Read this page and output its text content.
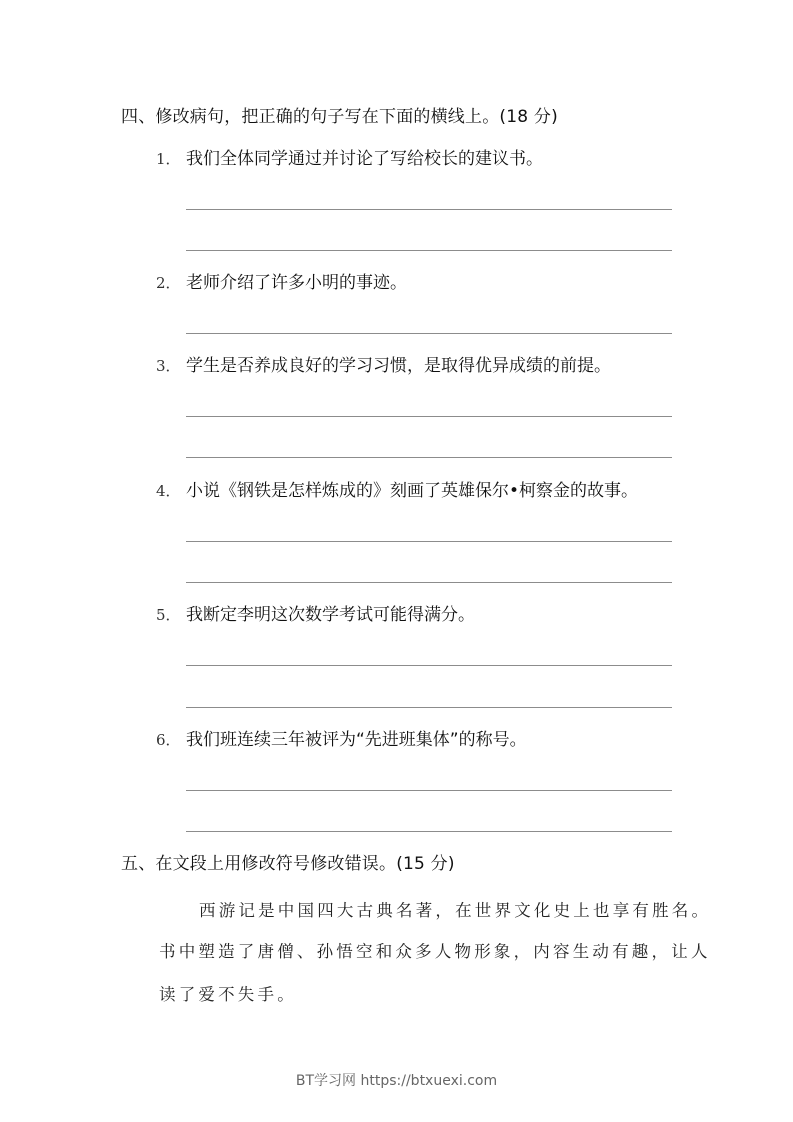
四、修改病句，把正确的句子写在下面的横线上。(18 分)
1． 我们全体同学通过并讨论了写给校长的建议书。
2． 老师介绍了许多小明的事迹。
3． 学生是否养成良好的学习习惯，是取得优异成绩的前提。
4． 小说《钢铁是怎样炼成的》刻画了英雄保尔•柯察金的故事。
5． 我断定李明这次数学考试可能得满分。
6． 我们班连续三年被评为“先进班集体”的称号。
五、在文段上用修改符号修改错误。(15 分)
西游记是中国四大古典名著，在世界文化史上也享有胜名。
书中塑造了唐僧、孙悟空和众多人物形象，内容生动有趣，让人
读了爱不失手。
BT学习网 https://btxuexi.com
